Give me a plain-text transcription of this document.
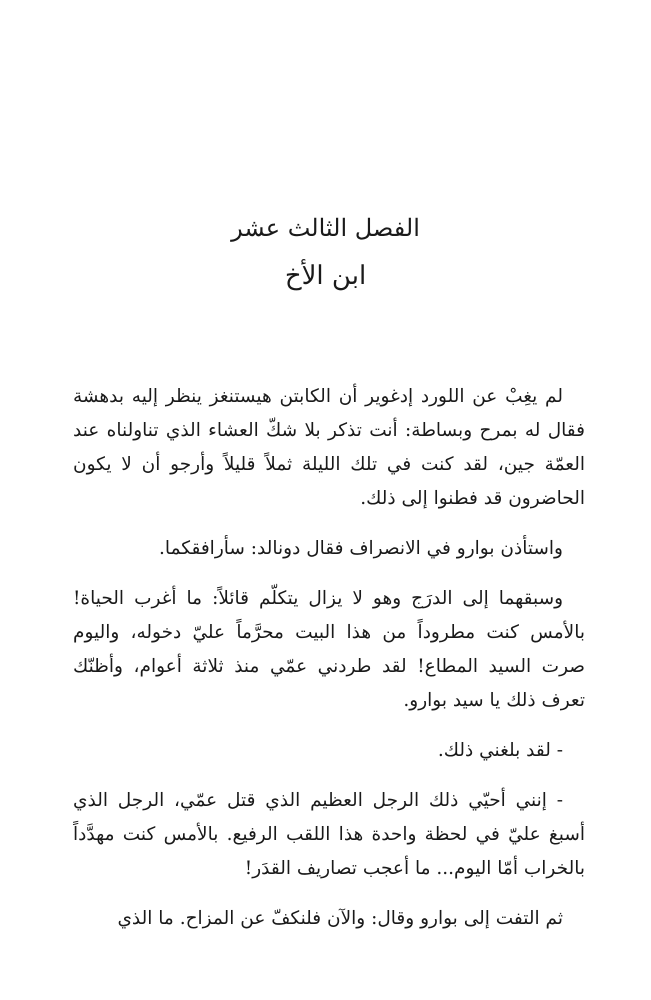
الفصل الثالث عشر
ابن الأخ

لم يغِبْ عن اللورد إدغوير أن الكابتن هيستنغز ينظر إليه بدهشة فقال له بمرح وبساطة: أنت تذكر بلا شكّ العشاء الذي تناولناه عند العمّة جين، لقد كنت في تلك الليلة ثملاً قليلاً وأرجو أن لا يكون الحاضرون قد فطنوا إلى ذلك.

واستأذن بوارو في الانصراف فقال دونالد: سأرافقكما.

وسبقهما إلى الدرَج وهو لا يزال يتكلّم قائلاً: ما أغرب الحياة! بالأمس كنت مطروداً من هذا البيت محرَّماً عليّ دخوله، واليوم صرت السيد المطاع! لقد طردني عمّي منذ ثلاثة أعوام، وأظنّك تعرف ذلك يا سيد بوارو.

- لقد بلغني ذلك.

- إنني أحيّي ذلك الرجل العظيم الذي قتل عمّي، الرجل الذي أسبغ عليّ في لحظة واحدة هذا اللقب الرفيع. بالأمس كنت مهدَّداً بالخراب أمّا اليوم... ما أعجب تصاريف القدَر!

ثم التفت إلى بوارو وقال: والآن فلنكفّ عن المزاح. ما الذي
